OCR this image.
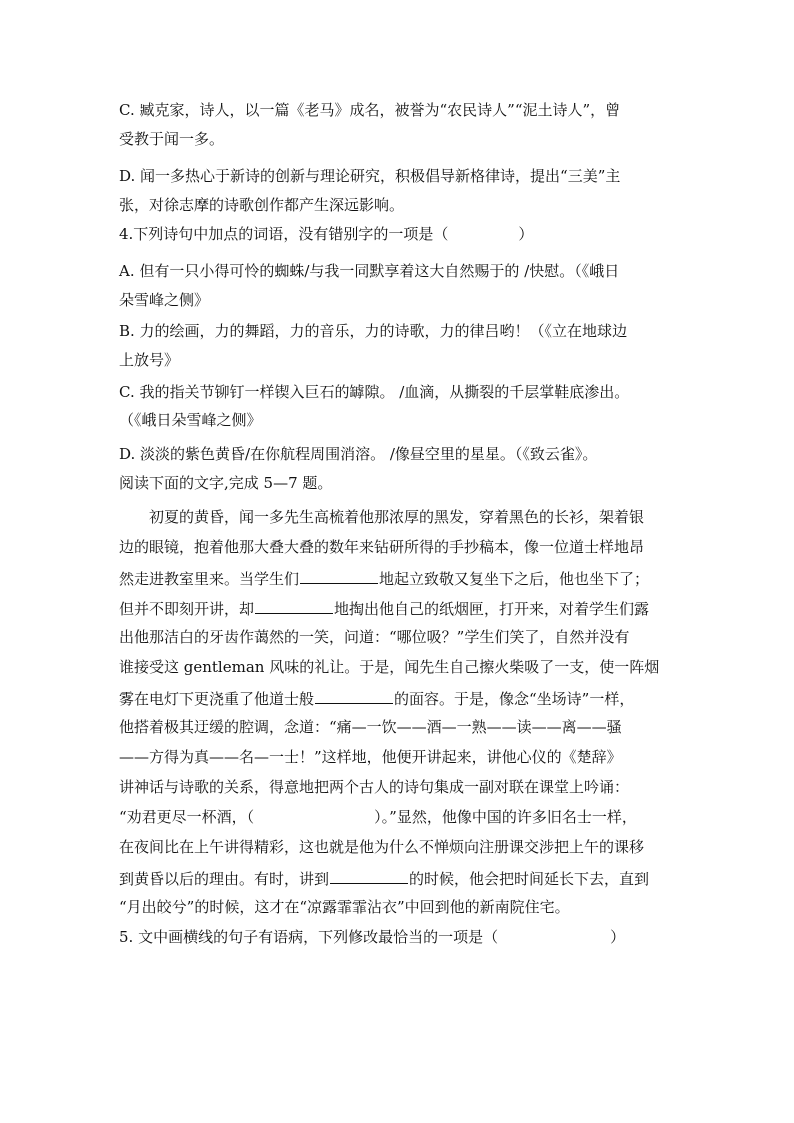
C. 臧克家，诗人，以一篇《老马》成名，被誉为“农民诗人”“泥土诗人”，曾
受教于闻一多。
D. 闻一多热心于新诗的创新与理论研究，积极倡导新格律诗，提出“三美”主
张，对徐志摩的诗歌创作都产生深远影响。
4.下列诗句中加点的词语，没有错别字的一项是（	）
A. 但有一只小得可怜的蜘蛛/与我一同默享着这大自然赐于的 /快慰。（《峨日
朵雪峰之侧》
B. 力的绘画，力的舞蹈，力的音乐，力的诗歌，力的律吕哟！（《立在地球边
上放号》
C. 我的指关节铆钉一样锲入巨石的罅隙。 /血滴，从撕裂的千层掌鞋底渗出。
（《峨日朵雪峰之侧》
D. 淡淡的紫色黄昏/在你航程周围消溶。 /像昼空里的星星。（《致云雀》。
阅读下面的文字,完成 5—7 题。
初夏的黄昏，闻一多先生高梳着他那浓厚的黑发，穿着黑色的长衫，架着银
边的眼镜，抱着他那大叠大叠的数年来钻研所得的手抄稿本，像一位道士样地昂
然走进教室里来。当学生们	地起立致敬又复坐下之后，他也坐下了；
但并不即刻开讲，却	地掏出他自己的纸烟匣，打开来，对着学生们露
出他那洁白的牙齿作蔼然的一笑，问道：“哪位吸？”学生们笑了，自然并没有
谁接受这 gentleman 风味的礼让。于是，闻先生自己擦火柴吸了一支，使一阵烟
雾在电灯下更浇重了他道士般	的面容。于是，像念“坐场诗”一样，
他搭着极其迂缓的腔调，念道：“痛—一饮——酒—一熟——读——离——骚
——方得为真——名—一士！”这样地，他便开讲起来，讲他心仪的《楚辞》
讲神话与诗歌的关系，得意地把两个古人的诗句集成一副对联在课堂上吟诵：
“劝君更尽一杯酒，（	）。”显然，他像中国的许多旧名士一样，
在夜间比在上午讲得精彩，这也就是他为什么不惮烦向注册课交涉把上午的课移
到黄昏以后的理由。有时，讲到	的时候，他会把时间延长下去，直到
“月出皎兮”的时候，这才在“凉露霏霏沾衣”中回到他的新南院住宅。
5. 文中画横线的句子有语病，下列修改最恰当的一项是（	）
